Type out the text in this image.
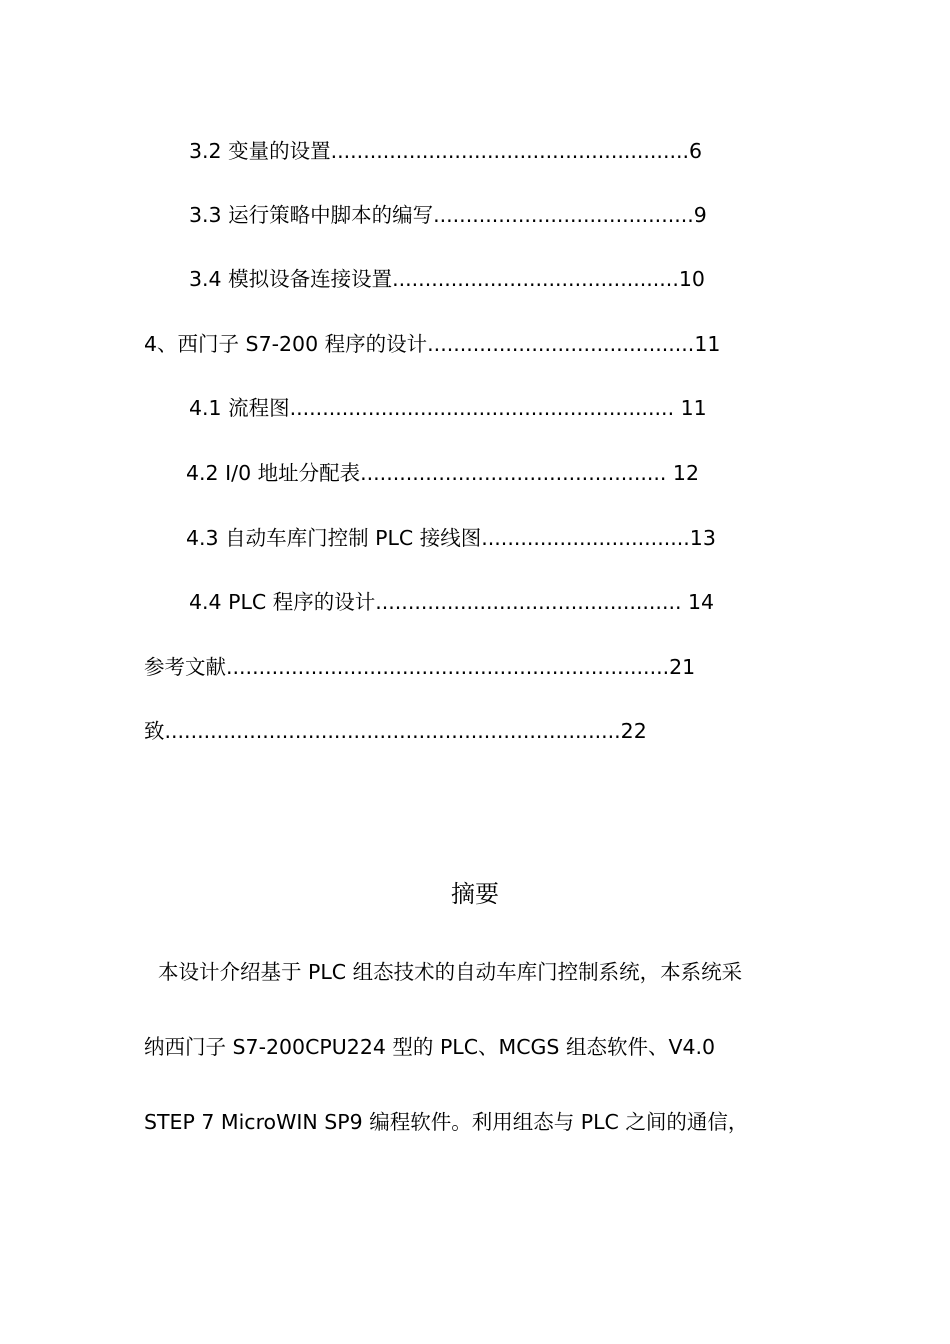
3.2 变量的设置.......................................................6
3.3 运行策略中脚本的编写........................................9
3.4 模拟设备连接设置............................................10
4、西门子 S7-200 程序的设计.........................................11
4.1 流程图........................................................... 11
4.2 I/0 地址分配表............................................... 12
4.3 自动车库门控制 PLC 接线图................................13
4.4 PLC 程序的设计............................................... 14
参考文献....................................................................21
致......................................................................22
摘要
本设计介绍基于 PLC 组态技术的自动车库门控制系统，本系统采
纳西门子 S7-200CPU224 型的 PLC、MCGS 组态软件、V4.0
STEP 7 MicroWIN SP9 编程软件。利用组态与 PLC 之间的通信，
